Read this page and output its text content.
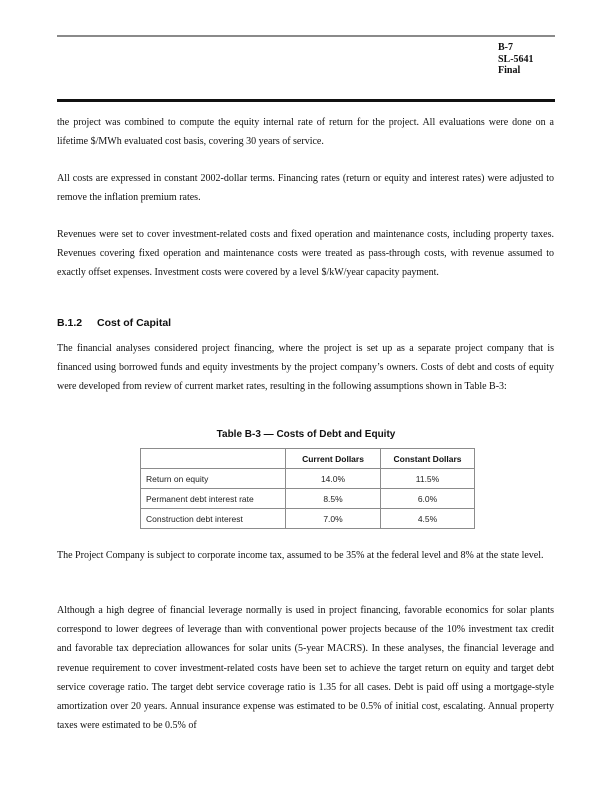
B-7
SL-5641
Final

the project was combined to compute the equity internal rate of return for the project. All evaluations were done on a lifetime $/MWh evaluated cost basis, covering 30 years of service.

All costs are expressed in constant 2002-dollar terms. Financing rates (return or equity and interest rates) were adjusted to remove the inflation premium rates.

Revenues were set to cover investment-related costs and fixed operation and maintenance costs, including property taxes. Revenues covering fixed operation and maintenance costs were treated as pass-through costs, with revenue assumed to exactly offset expenses. Investment costs were covered by a level $/kW/year capacity payment.

B.1.2 Cost of Capital

The financial analyses considered project financing, where the project is set up as a separate project company that is financed using borrowed funds and equity investments by the project company’s owners. Costs of debt and costs of equity were developed from review of current market rates, resulting in the following assumptions shown in Table B-3:

Table B-3 — Costs of Debt and Equity
	Current Dollars	Constant Dollars
Return on equity	14.0%	11.5%
Permanent debt interest rate	8.5%	6.0%
Construction debt interest	7.0%	4.5%

The Project Company is subject to corporate income tax, assumed to be 35% at the federal level and 8% at the state level.

Although a high degree of financial leverage normally is used in project financing, favorable economics for solar plants correspond to lower degrees of leverage than with conventional power projects because of the 10% investment tax credit and favorable tax depreciation allowances for solar units (5-year MACRS). In these analyses, the financial leverage and revenue requirement to cover investment-related costs have been set to achieve the target return on equity and target debt service coverage ratio. The target debt service coverage ratio is 1.35 for all cases. Debt is paid off using a mortgage-style amortization over 20 years. Annual insurance expense was estimated to be 0.5% of initial cost, escalating. Annual property taxes were estimated to be 0.5% of
